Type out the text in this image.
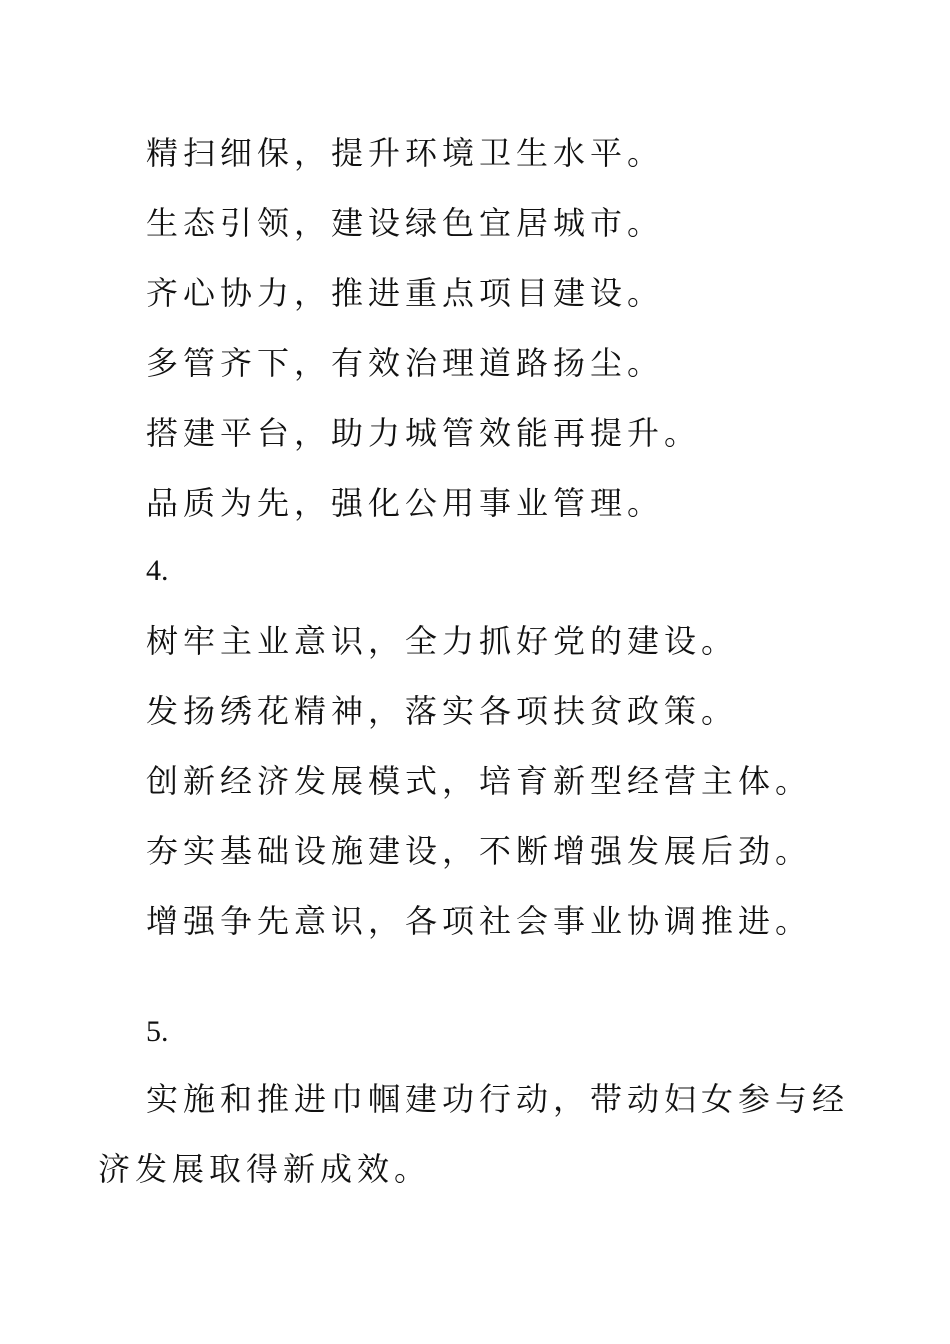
精扫细保，提升环境卫生水平。
生态引领，建设绿色宜居城市。
齐心协力，推进重点项目建设。
多管齐下，有效治理道路扬尘。
搭建平台，助力城管效能再提升。
品质为先，强化公用事业管理。
4.
树牢主业意识，全力抓好党的建设。
发扬绣花精神，落实各项扶贫政策。
创新经济发展模式，培育新型经营主体。
夯实基础设施建设，不断增强发展后劲。
增强争先意识，各项社会事业协调推进。
5.
实施和推进巾帼建功行动，带动妇女参与经济发展取得新成效。
